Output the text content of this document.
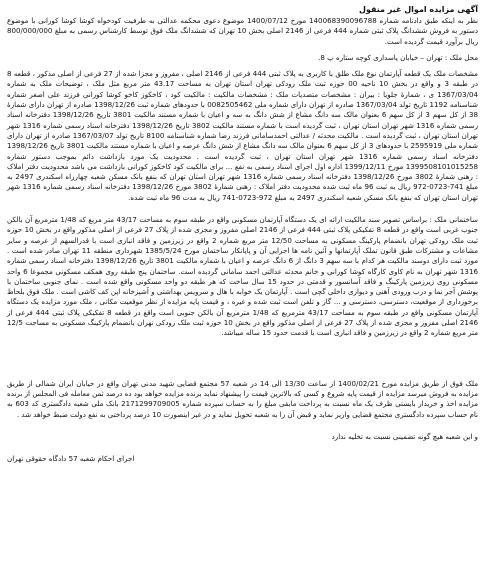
آگهی مزایده اموال غیر منقول

نظر به اینکه طبق دادنامه شماره 140068390096788 مورخ 1400/07/12 موضوع دعوی محکمه عدالتی به طرفیت کودخواه کوشا کوشا کورانی با موضوع دستور به فروش ششدانگ پلاک ثبتی شماره 444 فرعی از 2146 اصلی بخش 10 تهران که ششدانگ ملک فوق توسط کارشناس رسمی به مبلغ 800/000/000 ریال برآورد قیمت گردیده است.

محل ملک : تهران – خیابان پاسداری کوچه ستاره پ 8.

مشخصات ملک یک قطعه آپارتمان نوع ملک طلق با کاربری به پلاک ثبتی 444 فرعی از 2146 اصلی ، مفروز و مجزا شده از 27 فرعی از اصلی مذکور ، قطعه 8 در طبقه 3 و واقع در بخش 10 ناحیه 00 حوزه ثبت ملک رودکی تهران استان تهران به مساحت 43.17 متر مربع مثل ملک ، توضیحات ملک به شماره 1367/03/04 ی ، شمارهٔ جلویا : بیران : مشخصات متصدیات ملک : مشخصات مالکیت : مالکیت کود ، کاخکوز کاخو کوشا کورانی فرزند علی اصغر شماره شناسنامه 1192 تاریخ تولد 1367/03/04 صادره از تهران دارای شماره ملی 0082505462 با حدودهای شماره ثبت 1398/12/26 صادره از تهران دارای شمارهٔ 38 از کل سهم 3 از کل سهم 6 بعنوان مالک سه دانگ مشاع از شش دانگ به سه و اعیان با شماره مستند مالکیت 3801 تاریخ 1398/12/26 دفترخانه اسناد رسمی شماره 1316 شهر تهران استان تهران ، ثبت گردیده است با شماره مستند مالکیت 3802 تاریخ 1398/12/26 دفترخانه اسناد رسمی شماره 1316 شهر تهران استان تهران ، ثبت گردیده است . مالکیت محدثه / عدالتی احمدسامانی فرزند رضا شماره شناسنامه 8100 تاریخ تولد 1367/03/07 صادره از تهران دارای شماره ملی 2595919 با حدودهای 3 از کل سهم 6 بعنوان مالک سه دانگ مشاع از شش دانگ عرصه و اعیان با شماره مستند مالکیت 3801 تاریخ 1398/12/26 دفترخانه اسناد رسمی شماره 1316 شهر تهران استان تهران ، ثبت گردیده است . محدودیت یک مورد بازداشت دائم بموجب دستور شماره 1399508101015258 مورخ 1399/12/11 اداره اول اجرای اسناد رسمی به نفع ... برای مالکیت کود کاخکوز کورانی بازداشت می باشد محدودیت دفتر املاک : رهنی شمارهٔ 3802 مورخ 1398/12/26 دفترخانه اسناد رسمی شماره 1316 شهر تهران استان تهران که بنفع بانک مسکن شعبه چهارراه اسکندری 2497 به مبلغ 741-0723-972 ریال به ثبت 96 ماه ثبت شده محدودیت دفتر املاک : رهنی شمارهٔ 3802 مورخ 1398/12/26 دفترخانه اسناد رسمی شماره 1316 شهر تهران استان تهران که بنفع بانک مسکن شعبه اسکندری 2497 به مبلغ 972-0723-741 ریال به مدت 96 ماه ثبت شده.

ساختمانی ملک : براساس تصویر سند مالکیت ارائه ای یک دستگاه آپارتمان مسکونی واقع در طبقه سوم به مساحت 43/17 متر مربع که 1/48 مترمربع آن بالکن جنوب غربی است واقع در قطعه 8 تفکیکی پلاک ثبتی 444 فرعی از 2146 اصلی مفروز و مجزی شده از پلاک 27 فرعی از اصلی مذکور واقع در بخش 10 حوزه ثبت ملک رودکی تهران بانضمام پارکینگ مسکونی به مساحت 12/50 متر مربع شماره 2 واقع در زیرزمین و فاقد انباری است با قدرالسهم از عرصه و سایر مشاعات و مشترکات طبق قانون تملک آپارتمانها و آئین نامه ها اجرایی آن و پایانکار ساختمان مورخ 1385/5/24 شهرداری منطقه 11 تهران صادر شده است . مورد ثبت دارای دوسند مالکیت هر کدام با سه سهم 3 دانگ از 6 دانگ عرصه و اعیان با شماره مالکیت 3801 تاریخ 1398/12/26 دفترخانه اسناد رسمی شماره 1316 شهر تهران به نام کاوی کارگاه کوشا کورانی و خانم محدثه عدالتی احمد سامانی گردیده است. ساختمان پنج طبقه روی همکف مسکونی مجموعا 6 واحد مسکونی روی زیرزمین پارکینگ و فاقد آسانسور و قدمتی در حدود 15 سال ساخت که هر طبقه دو واحد مسکونی واقع شده است . نمای جنوبی ساختمان با پوشش آجر نما و درب ورودی آهنی و دیواری داخلی گچی است . آپارتمان یک خوابه با هال و سرویس بهداشتی و آشپزخانه اپن کف کاشی است . ملک فوق بلحاظ برخورداری از موقعیت، دسترسی، دسترسی و ... گاز و تلفن است ثبت شده و غیره ، و قیمت پایه مزایده از نظر موقعیت مکانی ، ملک مورد مزایده یک دستگاه آپارتمان مسکونی واقع در طبقه سوم به مساحت 43/17 مترمربع که 1/48 مترمربع آن بالکن جنوبی است واقع در قطعه 8 تفکیکی پلاک ثبتی 444 فرعی از 2146 اصلی مفروز و مجزی شده از پلاک 27 فرعی از اصلی مذکور واقع در بخش 10 حوزه ثبت ملک رودکی تهران بانضمام پارکینگ مسکونی به مساحت 12/5 متر مربع شماره 2 واقع در زیرزمین و فاقد انباری است با قدمت حدود 15 ساله میباشد.

ملک فوق از طریق مزایده مورخ 1400/02/21 از ساعت 13/30 الی 14 در شعبه 57 مجتمع قضایی شهید مدنی تهران واقع در خیابان ایران شمالی از طریق مزایده به فروش میرسد مزایده از قیمت پایه شروع و کسی که بالاترین قیمت را پیشنهاد نماید برنده مزایده خواهد بود ده درصد ثمن معامله فی المجلس از برنده مزایده اخذ و خریدار بایستی ظرف یک ماه نسبت به پرداخت مابقی مبلغ را به حساب سپرده شماره 2171299709005 بانک ملی شعبه دادگستری کد 603 به نام حساب سپرده دادگستری مجتمع قضایی واریز نماید و قبض آن را به شعبه تحویل نماید و در غیر اینصورت 10 درصد پرداختی به نفع دولت ضبط خواهد شد .

و این شعبه هیچ گونه تضمینی نسبت به تخلیه ندارد

اجرای احکام شعبه 57 دادگاه حقوقی تهران
